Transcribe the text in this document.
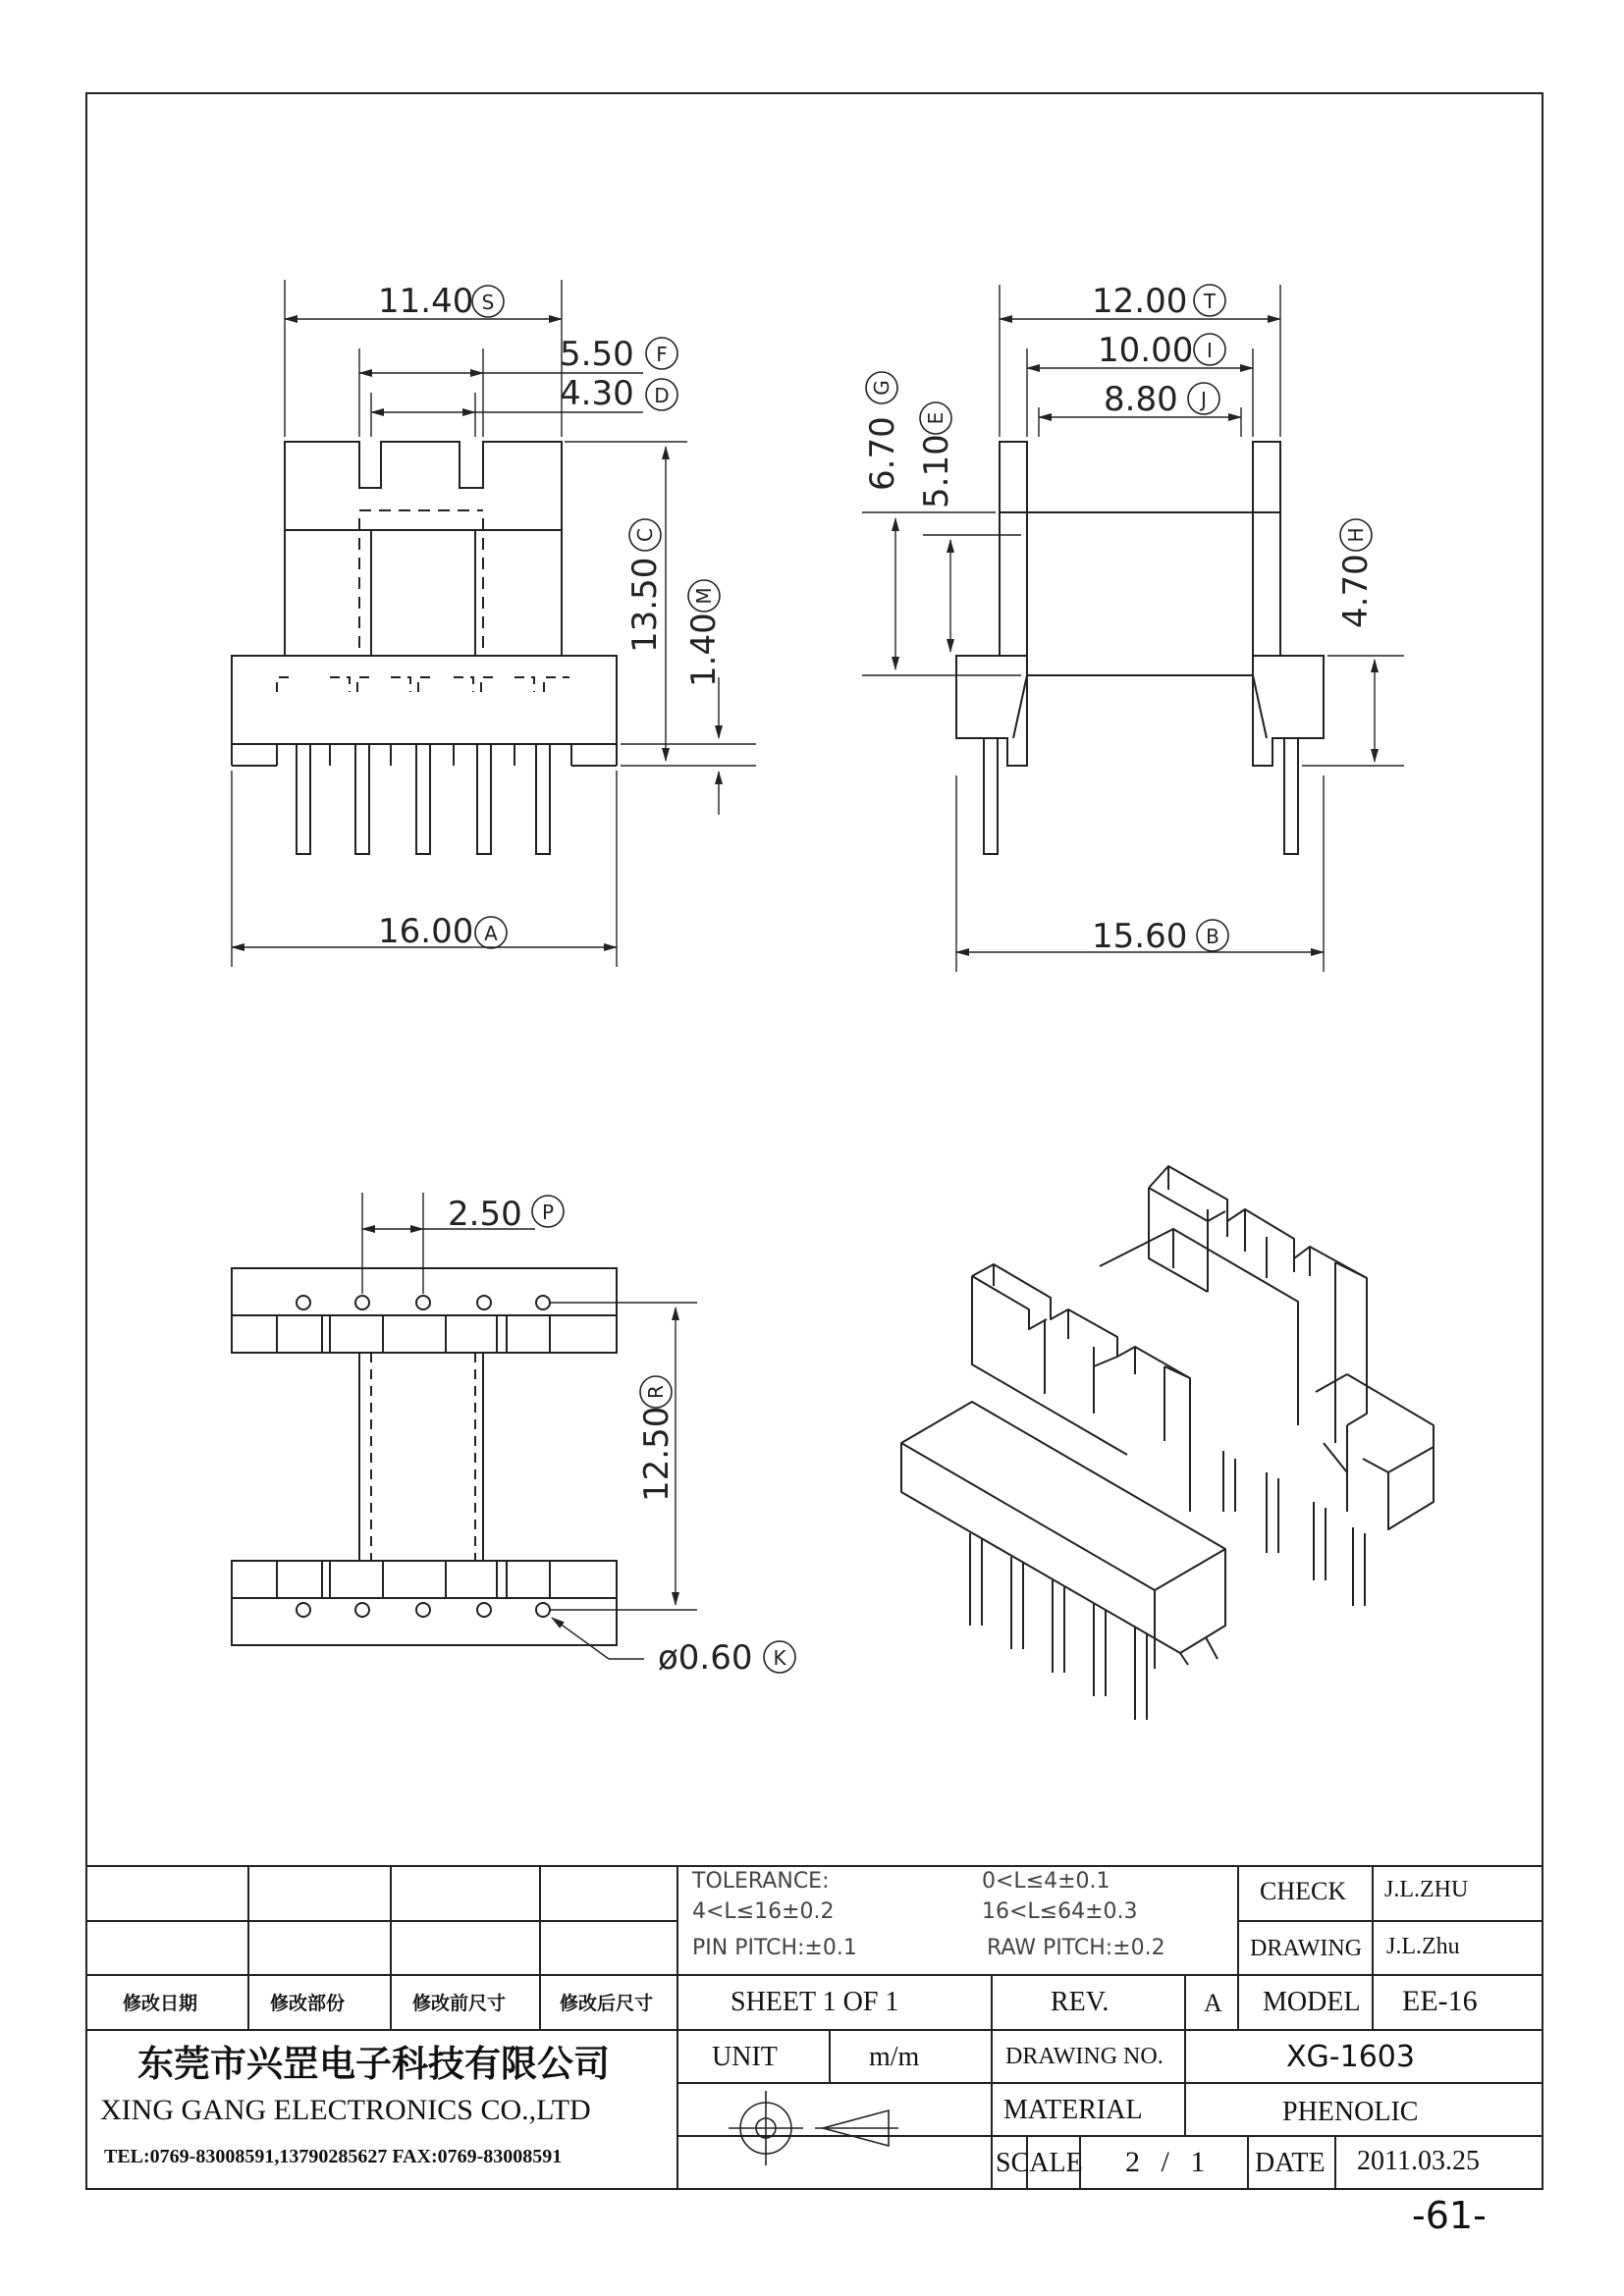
11.40 S
5.50 F
4.30 D
13.50
C
1.40
M
16.00 A
12.00 T
10.00 I
8.80 J
6.70
G
5.10
E
4.70
H
15.60 B
2.50 P
12.50
R
ø0.60 K
修改日期	修改部份	修改前尺寸	修改后尺寸
TOLERANCE:	0<L≤4±0.1
4<L≤16±0.2	16<L≤64±0.3
PIN PITCH:±0.1	RAW PITCH:±0.2
CHECK J.L.ZHU
DRAWING J.L.Zhu
SHEET 1 OF 1	REV.	A MODEL EE-16
东莞市兴罡电子科技有限公司
XING GANG ELECTRONICS CO.,LTD
TEL:0769-83008591,13790285627 FAX:0769-83008591
UNIT	m/m	DRAWING NO.	XG-1603
MATERIAL	PHENOLIC
SCALE 2 / 1 DATE 2011.03.25
-61-
